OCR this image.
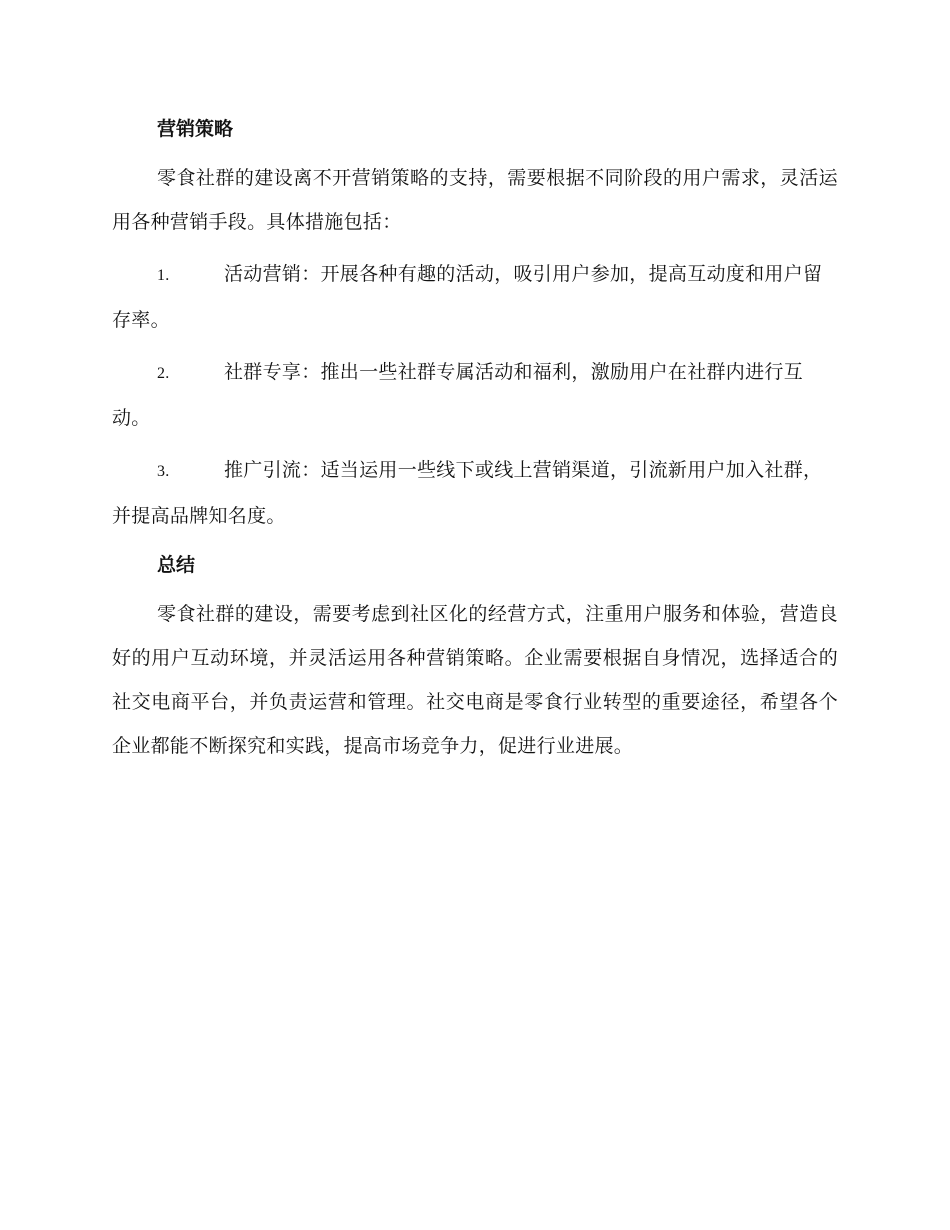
营销策略

零食社群的建设离不开营销策略的支持，需要根据不同阶段的用户需求，灵活运用各种营销手段。具体措施包括：

1.	活动营销：开展各种有趣的活动，吸引用户参加，提高互动度和用户留存率。

2.	社群专享：推出一些社群专属活动和福利，激励用户在社群内进行互动。

3.	推广引流：适当运用一些线下或线上营销渠道，引流新用户加入社群，并提高品牌知名度。

总结

零食社群的建设，需要考虑到社区化的经营方式，注重用户服务和体验，营造良好的用户互动环境，并灵活运用各种营销策略。企业需要根据自身情况，选择适合的社交电商平台，并负责运营和管理。社交电商是零食行业转型的重要途径，希望各个企业都能不断探究和实践，提高市场竞争力，促进行业进展。
